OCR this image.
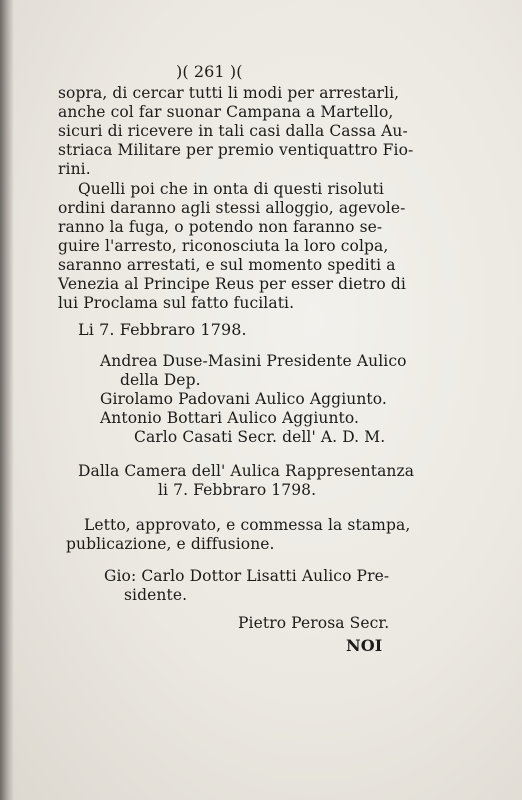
)( 261 )(
sopra, di cercar tutti li modi per arrestarli,
anche col far suonar Campana a Martello,
sicuri di ricevere in tali casi dalla Cassa Au-
striaca Militare per premio ventiquattro Fio-
rini.
Quelli poi che in onta di questi risoluti
ordini daranno agli stessi alloggio, agevole-
ranno la fuga, o potendo non faranno se-
guire l'arresto, riconosciuta la loro colpa,
saranno arrestati, e sul momento spediti a
Venezia al Principe Reus per esser dietro di
lui Proclama sul fatto fucilati.
Li 7. Febbraro 1798.
Andrea Duse-Masini Presidente Aulico
della Dep.
Girolamo Padovani Aulico Aggiunto.
Antonio Bottari Aulico Aggiunto.
Carlo Casati Secr. dell' A. D. M.
Dalla Camera dell' Aulica Rappresentanza
li 7. Febbraro 1798.
Letto, approvato, e commessa la stampa,
publicazione, e diffusione.
Gio: Carlo Dottor Lisatti Aulico Pre-
sidente.
Pietro Perosa Secr.
NOI
